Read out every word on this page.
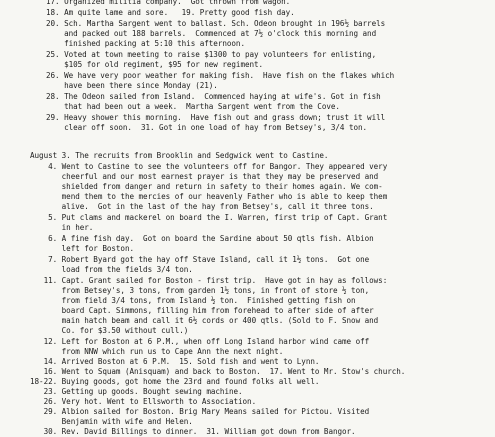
17. Organized militia company.  Got thrown from wagon.
18. Am quite lame and sore.   19. Pretty good fish day.
20. Sch. Martha Sargent went to ballast. Sch. Odeon brought in 196½ barrels
and packed out 188 barrels.  Commenced at 7½ o'clock this morning and
finished packing at 5:10 this afternoon.
25. Voted at town meeting to raise $1300 to pay volunteers for enlisting,
$105 for old regiment, $95 for new regiment.
26. We have very poor weather for making fish.  Have fish on the flakes which
have been there since Monday (21).
28. The Odeon sailed from Island.  Commenced haying at wife's. Got in fish
that had been out a week.  Martha Sargent went from the Cove.
29. Heavy shower this morning.  Have fish out and grass down; trust it will
clear off soon.  31. Got in one load of hay from Betsey's, 3/4 ton.
August 3. The recruits from Brooklin and Sedgwick went to Castine.
4. Went to Castine to see the volunteers off for Bangor. They appeared very
cheerful and our most earnest prayer is that they may be preserved and
shielded from danger and return in safety to their homes again. We com-
mend them to the mercies of our heavenly Father who is able to keep them
alive.  Got in the last of the hay from Betsey's, call it three tons.
5. Put clams and mackerel on board the I. Warren, first trip of Capt. Grant
in her.
6. A fine fish day.  Got on board the Sardine about 50 qtls fish. Albion
left for Boston.
7. Robert Byard got the hay off Stave Island, call it 1½ tons.  Got one
load from the fields 3/4 ton.
11. Capt. Grant sailed for Boston - first trip.  Have got in hay as follows:
from Betsey's, 3 tons, from garden 1½ tons, in front of store ½ ton,
from field 3/4 tons, from Island ½ ton.  Finished getting fish on
board Capt. Simmons, filling him from forehead to after side of after
main hatch beam and call it 6½ cords or 400 qtls. (Sold to F. Snow and
Co. for $3.50 without cull.)
12. Left for Boston at 6 P.M., when off Long Island harbor wind came off
from NNW which run us to Cape Ann the next night.
14. Arrived Boston at 6 P.M.  15. Sold fish and went to Lynn.
16. Went to Squam (Anisquam) and back to Boston.  17. Went to Mr. Stow's church.
18-22. Buying goods, got home the 23rd and found folks all well.
23. Getting up goods. Bought sewing machine.
26. Very hot. Went to Ellsworth to Association.
29. Albion sailed for Boston. Brig Mary Means sailed for Pictou. Visited
Benjamin with wife and Helen.
30. Rev. David Billings to dinner.  31. William got down from Bangor.
